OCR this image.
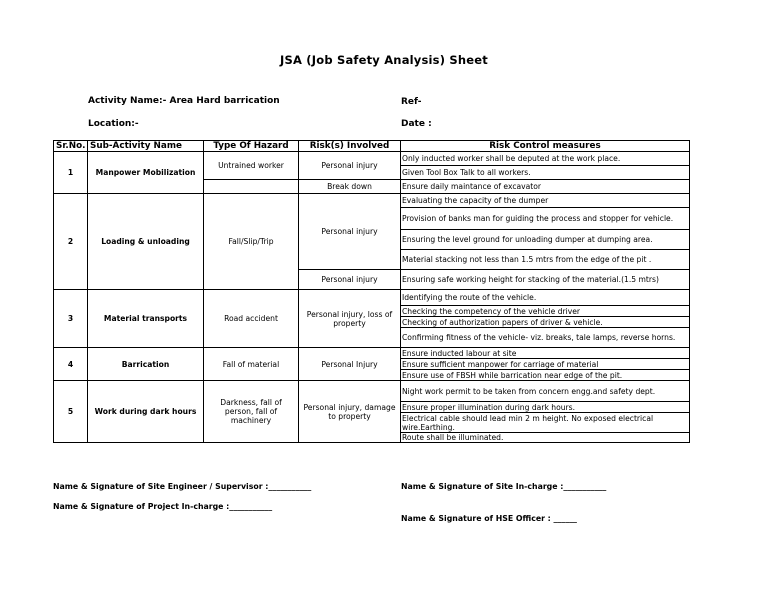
JSA (Job Safety Analysis) Sheet
Activity Name:- Area Hard barrication	Ref-
Location:-	Date :
Sr.No.	Sub-Activity Name	Type Of Hazard	Risk(s) Involved	Risk Control measures
1	Manpower Mobilization	Untrained worker	Personal injury	Only inducted worker shall be deputed at the work place.
				Given Tool Box Talk to all workers.
			Break down	Ensure daily maintance of excavator
2	Loading & unloading	Fall/Slip/Trip	Personal injury	Evaluating the capacity of the dumper
				Provision of banks man for guiding the process and stopper for vehicle.
				Ensuring the level ground for unloading dumper at dumping area.
				Material stacking not less than 1.5 mtrs from the edge of the pit .
			Personal injury	Ensuring safe working height for stacking of the material.(1.5 mtrs)
3	Material transports	Road accident	Personal injury, loss of property	Identifying the route of the vehicle.
				Checking the competency of the vehicle driver
				Checking of authorization papers of driver & vehicle.
				Confirming fitness of the vehicle- viz. breaks, tale lamps, reverse horns.
4	Barrication	Fall of material	Personal Injury	Ensure inducted labour at site
				Ensure sufficient manpower for carriage of material
				Ensure use of FBSH while barrication near edge of the pit.
5	Work during dark hours	Darkness, fall of person, fall of machinery	Personal injury, damage to property	Night work permit to be taken from concern engg.and safety dept.
				Ensure proper illumination during dark hours.
				Electrical cable should lead min 2 m height. No exposed electrical wire.Earthing.
				Route shall be illuminated.
Name & Signature of Site Engineer / Supervisor :___________	Name & Signature of Site In-charge :___________
Name & Signature of Project In-charge :___________
Name & Signature of HSE Officer : ______
